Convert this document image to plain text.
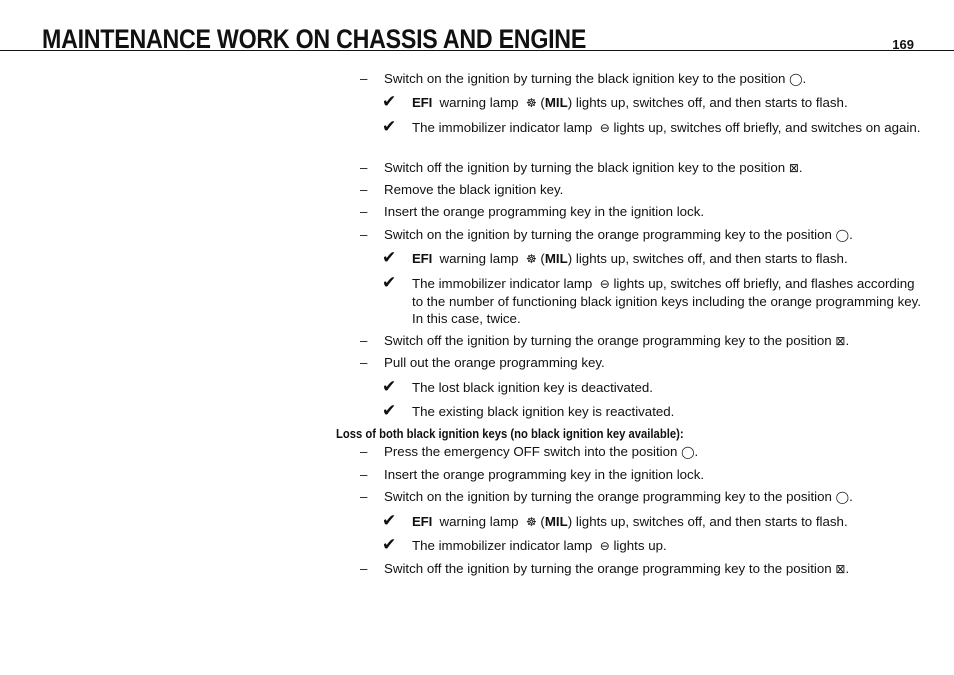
MAINTENANCE WORK ON CHASSIS AND ENGINE	169
– Switch on the ignition by turning the black ignition key to the position ◯.
✔ EFI warning lamp ☸ (MIL) lights up, switches off, and then starts to flash.
✔ The immobilizer indicator lamp ⊖ lights up, switches off briefly, and switches on again.
– Switch off the ignition by turning the black ignition key to the position ⊠.
– Remove the black ignition key.
– Insert the orange programming key in the ignition lock.
– Switch on the ignition by turning the orange programming key to the position ◯.
✔ EFI warning lamp ☸ (MIL) lights up, switches off, and then starts to flash.
✔ The immobilizer indicator lamp ⊖ lights up, switches off briefly, and flashes according to the number of functioning black ignition keys including the orange programming key. In this case, twice.
– Switch off the ignition by turning the orange programming key to the position ⊠.
– Pull out the orange programming key.
✔ The lost black ignition key is deactivated.
✔ The existing black ignition key is reactivated.
Loss of both black ignition keys (no black ignition key available):
– Press the emergency OFF switch into the position ◯.
– Insert the orange programming key in the ignition lock.
– Switch on the ignition by turning the orange programming key to the position ◯.
✔ EFI warning lamp ☸ (MIL) lights up, switches off, and then starts to flash.
✔ The immobilizer indicator lamp ⊖ lights up.
– Switch off the ignition by turning the orange programming key to the position ⊠.
